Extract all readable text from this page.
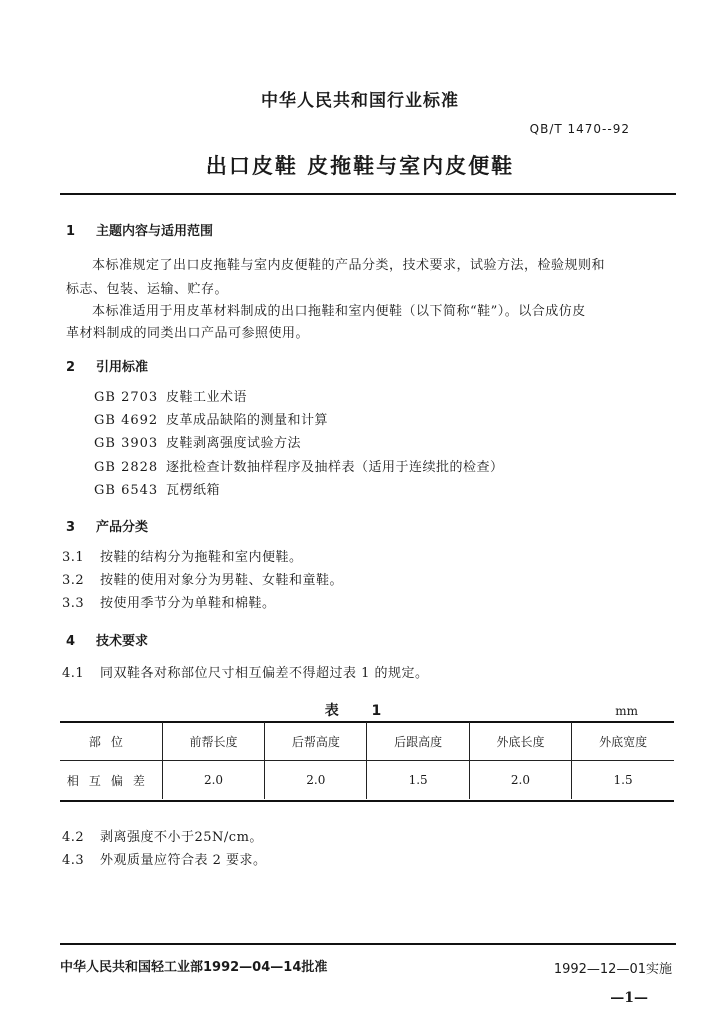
中华人民共和国行业标准
QB/T 1470--92
出口皮鞋 皮拖鞋与室内皮便鞋
1 主题内容与适用范围
本标准规定了出口皮拖鞋与室内皮便鞋的产品分类，技术要求，试验方法，检验规则和
标志、包装、运输、贮存。
本标准适用于用皮革材料制成的出口拖鞋和室内便鞋（以下简称“鞋”）。以合成仿皮
革材料制成的同类出口产品可参照使用。
2 引用标准
GB 2703 皮鞋工业术语
GB 4692 皮革成品缺陷的测量和计算
GB 3903 皮鞋剥离强度试验方法
GB 2828 逐批检查计数抽样程序及抽样表（适用于连续批的检查）
GB 6543 瓦楞纸箱
3 产品分类
3.1 按鞋的结构分为拖鞋和室内便鞋。
3.2 按鞋的使用对象分为男鞋、女鞋和童鞋。
3.3 按使用季节分为单鞋和棉鞋。
4 技术要求
4.1 同双鞋各对称部位尺寸相互偏差不得超过表 1 的规定。
表 1	mm
部位	前帮长度	后帮高度	后跟高度	外底长度	外底宽度
相互偏差	2.0	2.0	1.5	2.0	1.5
4.2 剥离强度不小于25N/cm。
4.3 外观质量应符合表 2 要求。
中华人民共和国轻工业部1992—04—14批准	1992—12—01实施
—1—
